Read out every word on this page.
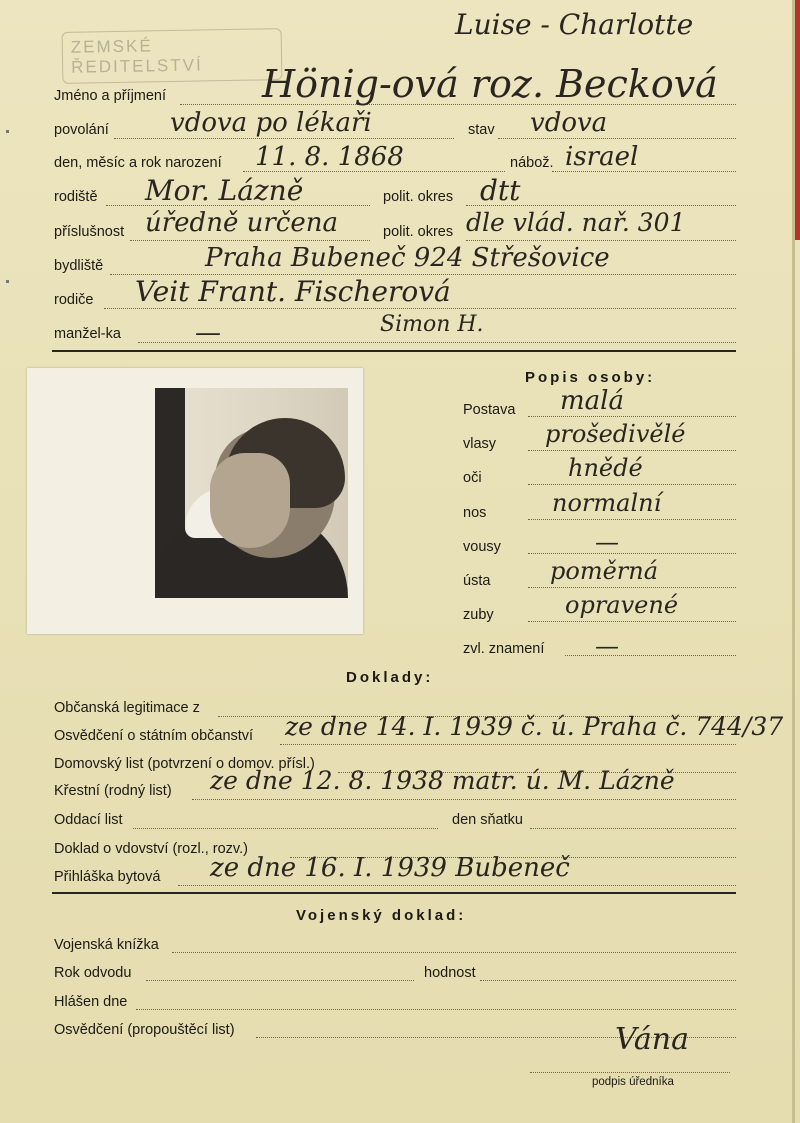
ZEMSKÉ ŘEDITELSTVÍ
Luise - Charlotte
Jméno a příjmení	Hönig-ová roz. Becková
povolání vdova po lékaři	stav vdova
den, měsíc a rok narození 11. 8. 1868	nábož. israel
rodiště Mor. Lázně	polit. okres dtt
příslušnost úředně určena	polit. okres dle vlád. nař. 301
bydliště	Praha Bubeneč 924 Střešovice
rodiče Veit Frant. Fischerová
manžel-ka	—	Simon H.
Popis osoby:
Postava malá
vlasy prošedivělé
oči	hnědé
nos	normalní
vousy	—
ústa poměrná
zuby	opravené
zvl. znamení —
Doklady:
Občanská legitimace z
Osvědčení o státním občanství ze dne 14. I. 1939 č. ú. Praha č. 744/37
Domovský list (potvrzení o domov. přísl.)
Křestní (rodný list) ze dne 12. 8. 1938 matr. ú. M. Lázně
Oddací list	den sňatku
Doklad o vdovství (rozl., rozv.)
Přihláška bytová ze dne 16. I. 1939 Bubeneč
Vojenský doklad:
Vojenská knížka
Rok odvodu	hodnost
Hlášen dne
Osvědčení (propouštěcí list)	Vána
podpis úředníka
